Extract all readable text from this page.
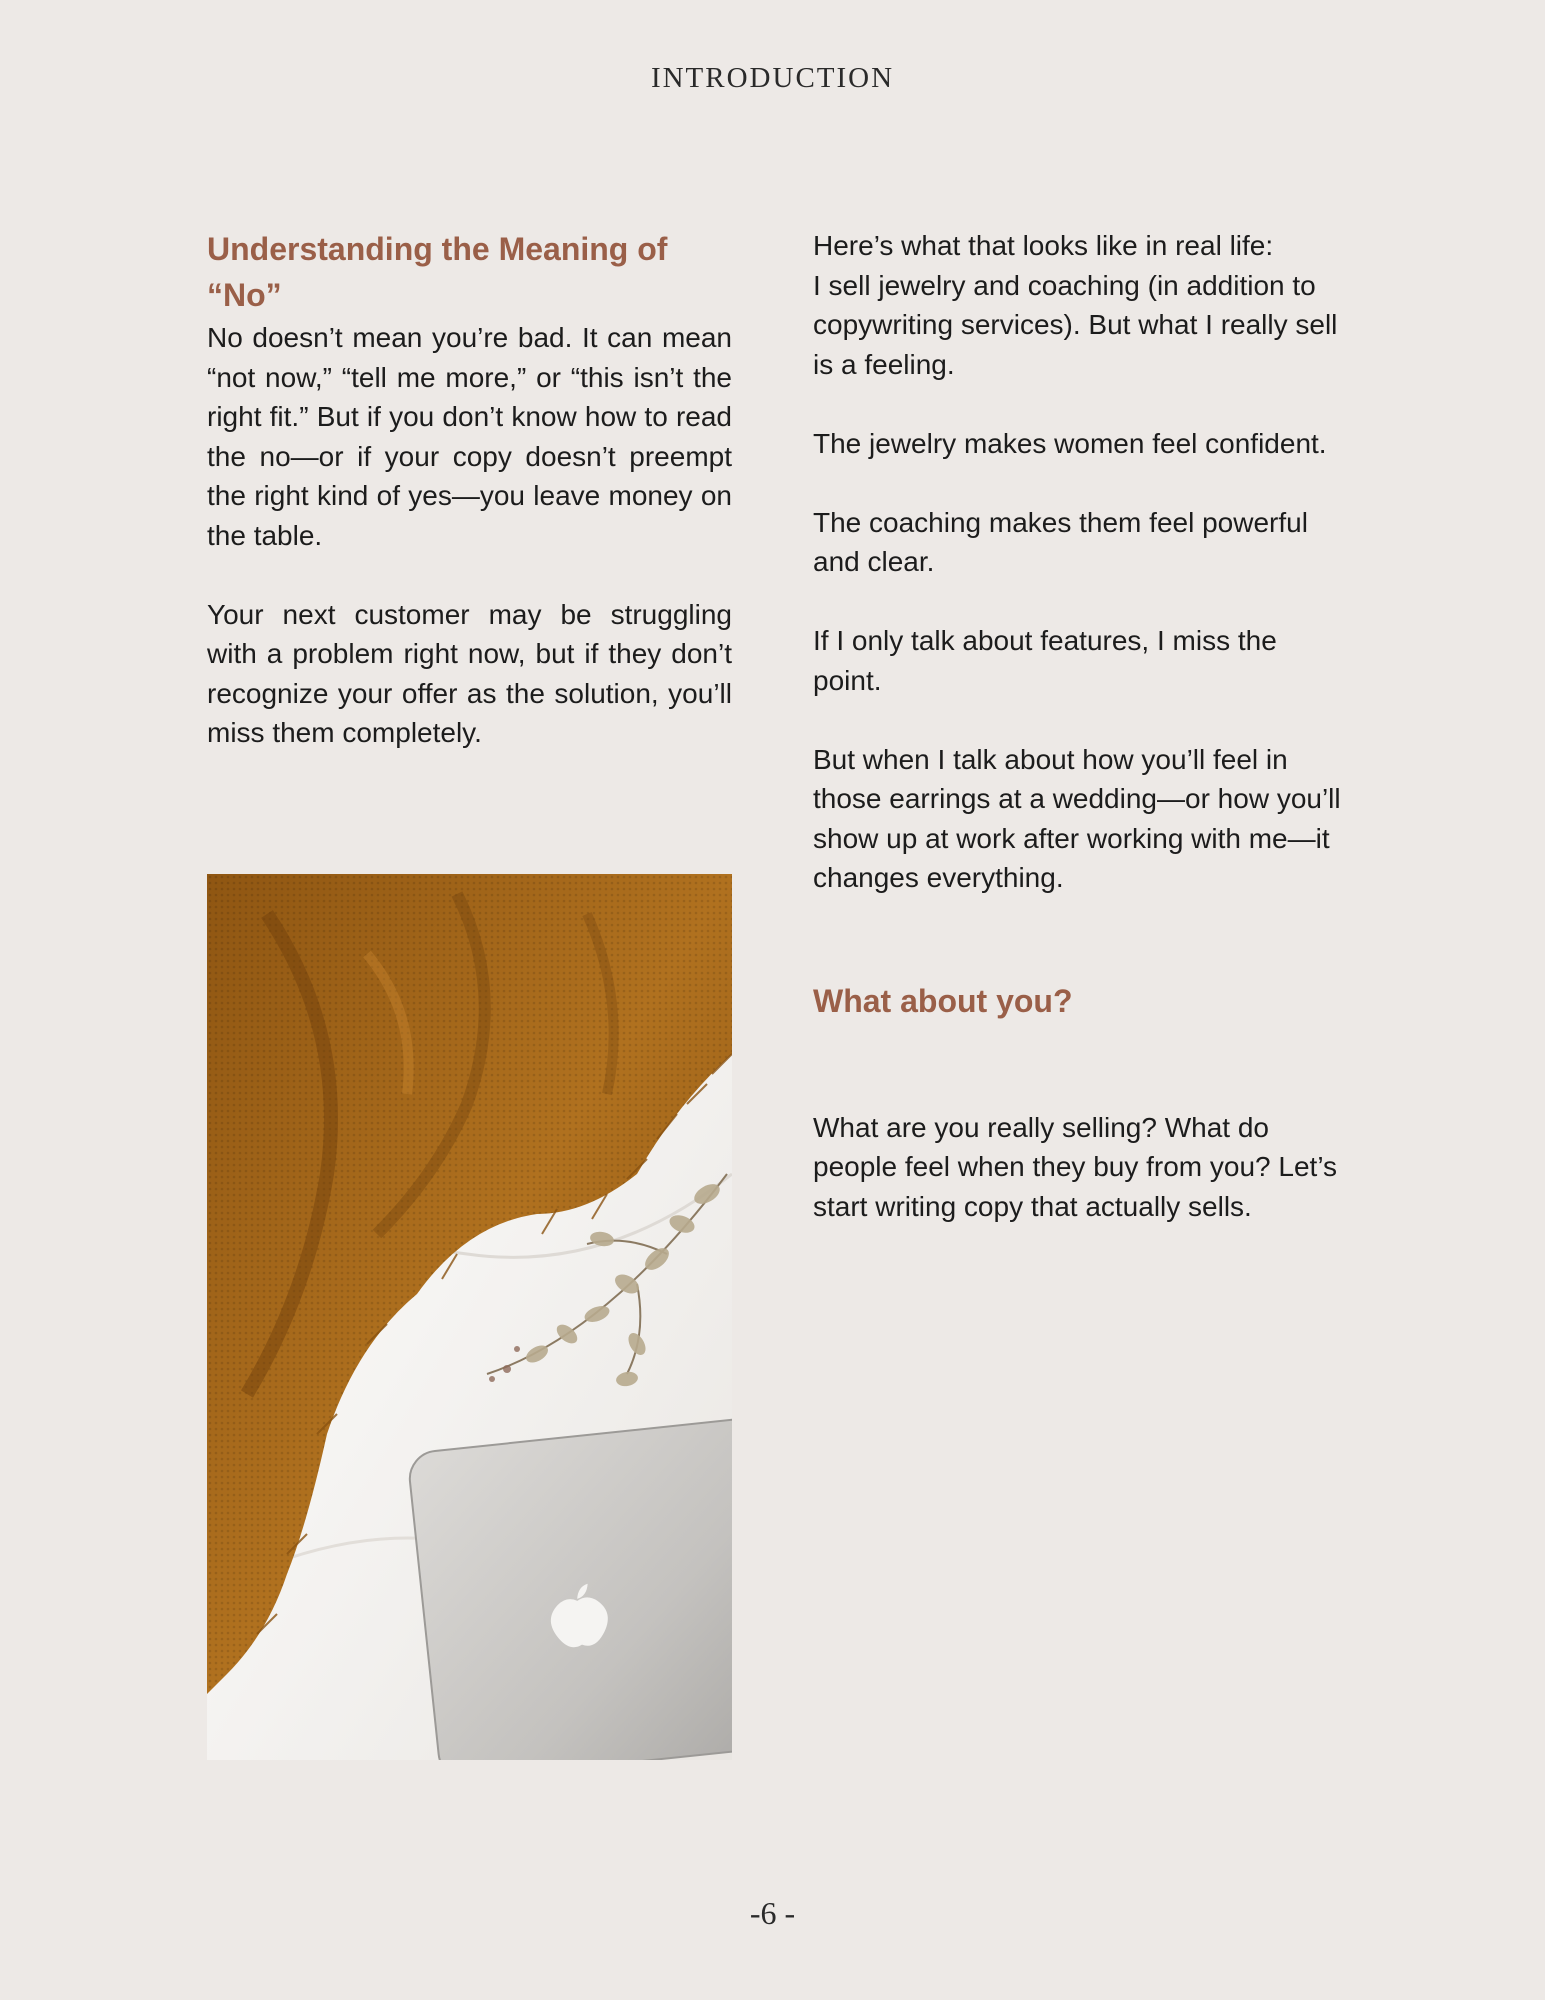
INTRODUCTION
Understanding the Meaning of “No”

No doesn’t mean you’re bad. It can mean “not now,” “tell me more,” or “this isn’t the right fit.” But if you don’t know how to read the no—or if your copy doesn’t preempt the right kind of yes—you leave money on the table.

Your next customer may be struggling with a problem right now, but if they don’t recognize your offer as the solution, you’ll miss them completely.

Here’s what that looks like in real life:

I sell jewelry and coaching (in addition to copywriting services). But what I really sell is a feeling.

The jewelry makes women feel confident.

The coaching makes them feel powerful and clear.

If I only talk about features, I miss the point.

But when I talk about how you’ll feel in those earrings at a wedding—or how you’ll show up at work after working with me—it changes everything.

What about you?

What are you really selling? What do people feel when they buy from you? Let’s start writing copy that actually sells.

-6 -
